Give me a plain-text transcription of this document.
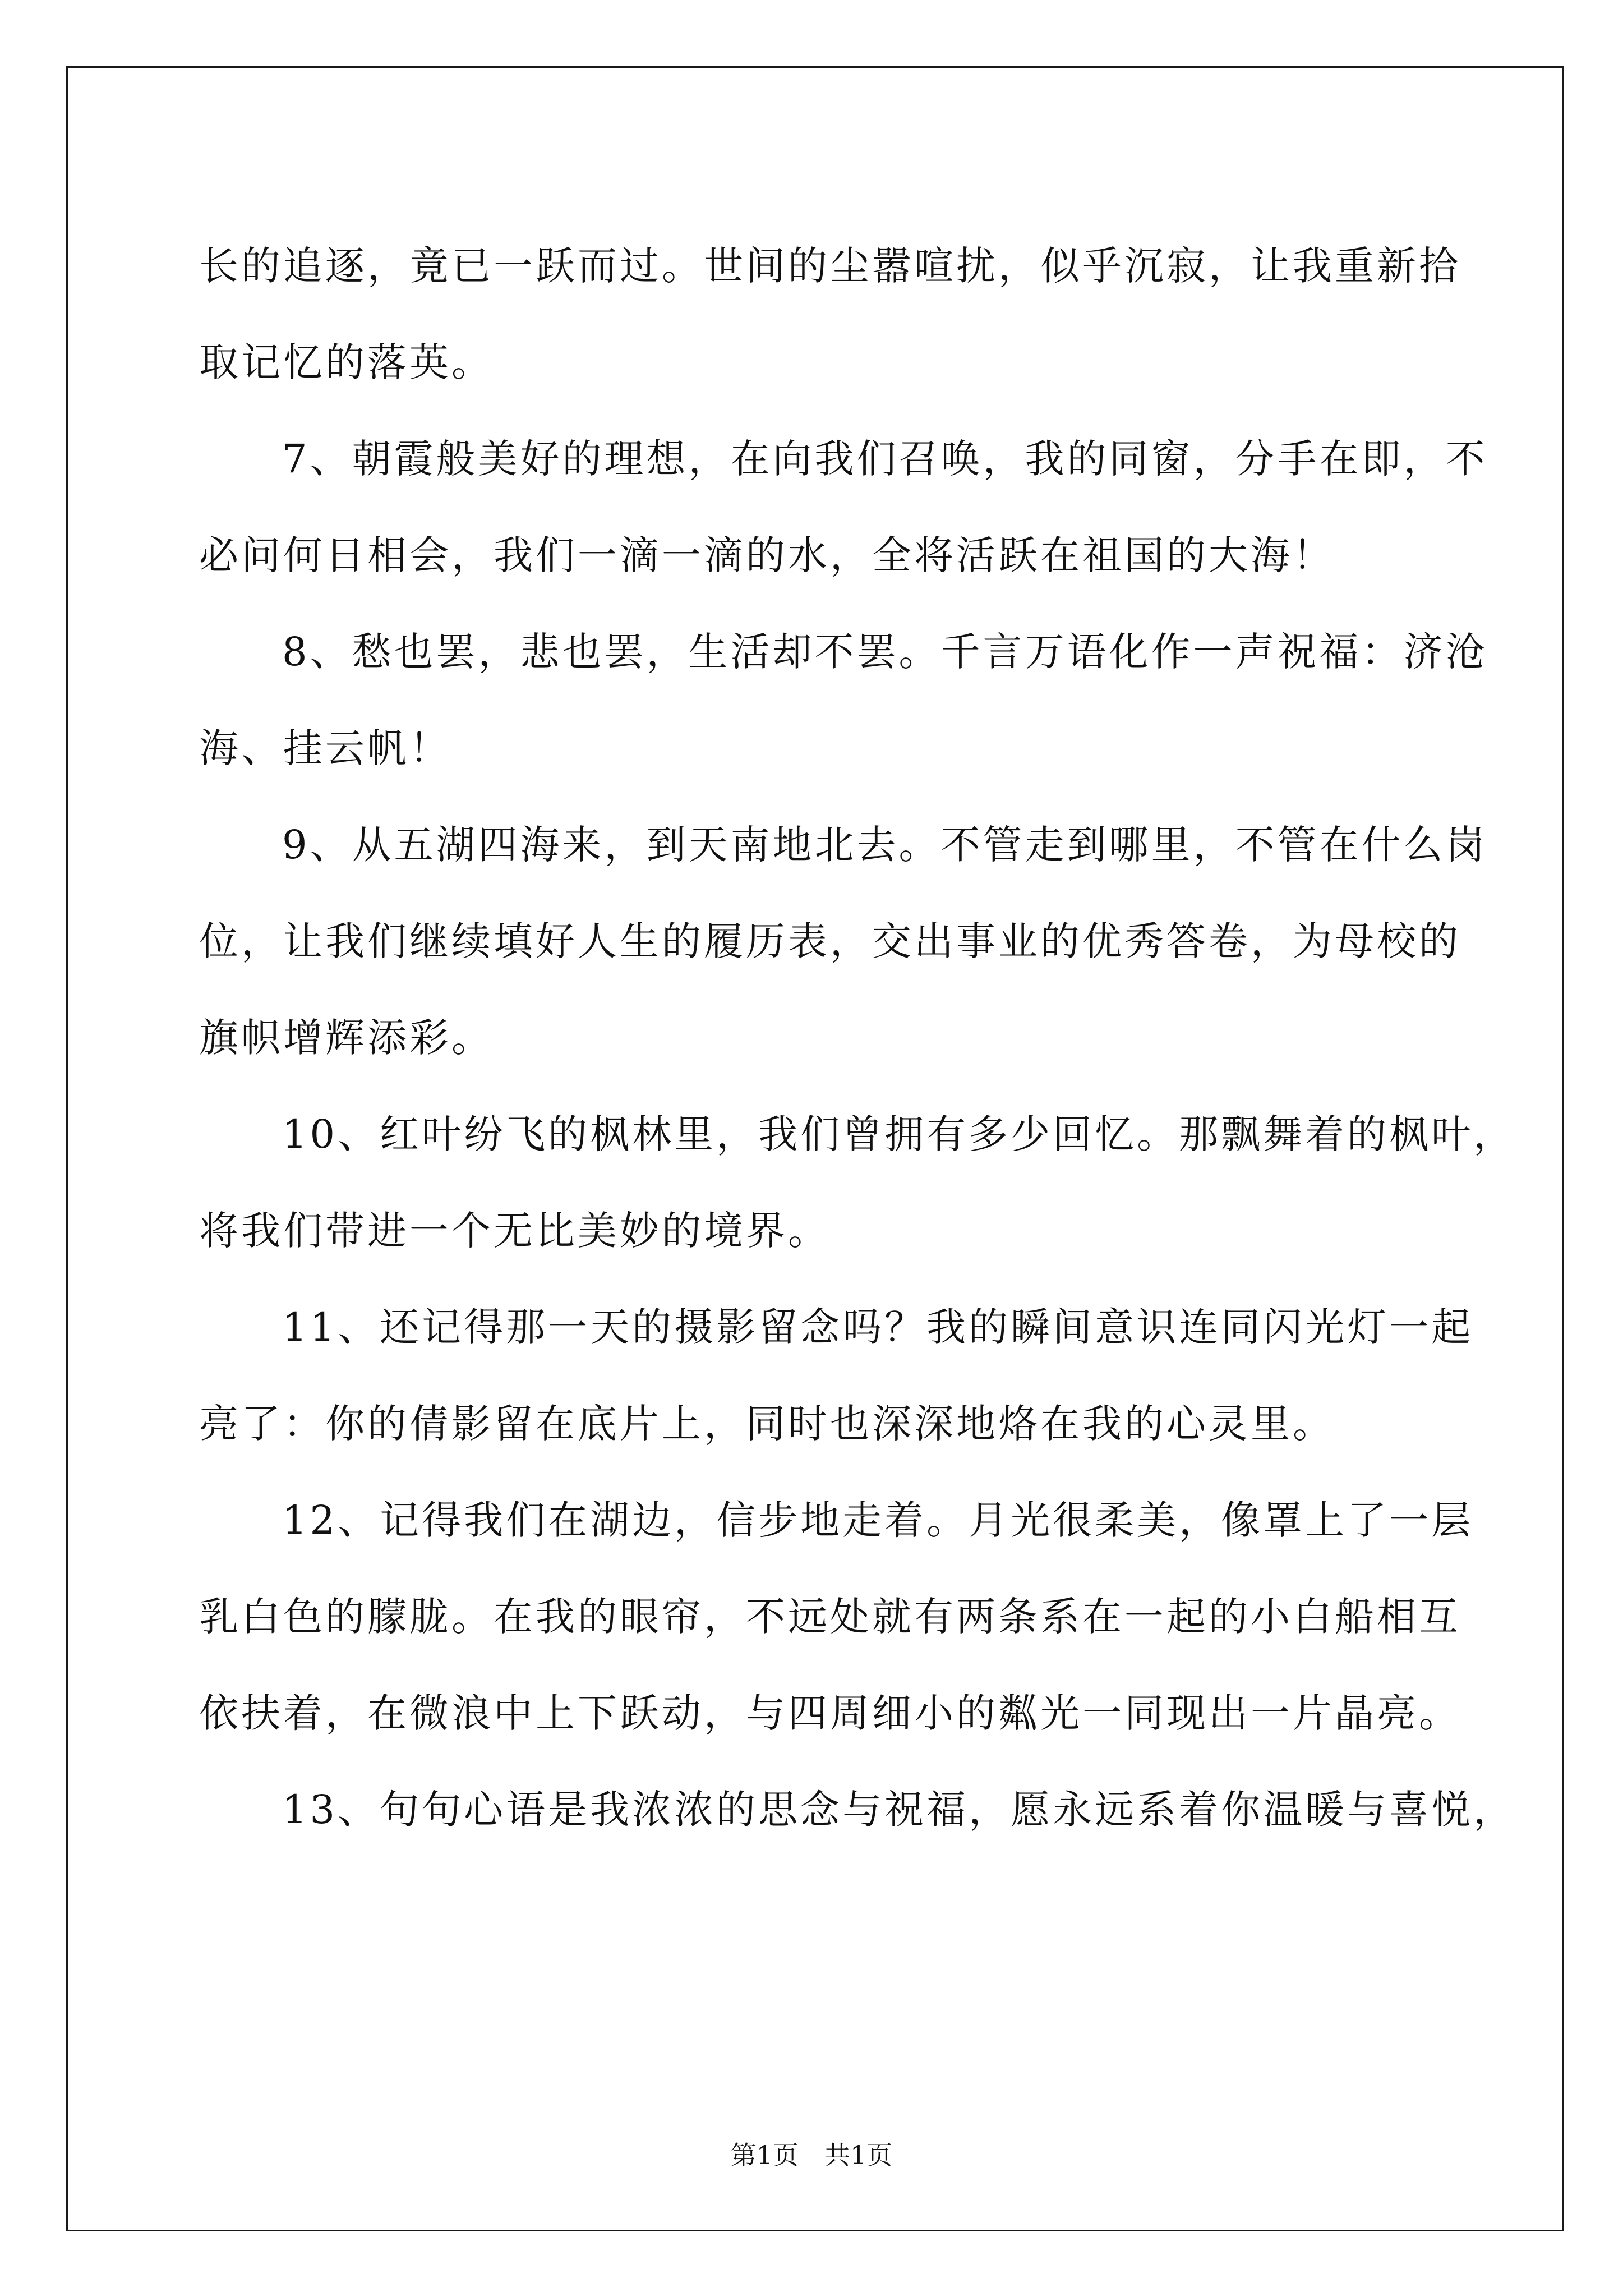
长的追逐，竟已一跃而过。世间的尘嚣喧扰，似乎沉寂，让我重新拾

取记忆的落英。

7、朝霞般美好的理想，在向我们召唤，我的同窗，分手在即，不

必问何日相会，我们一滴一滴的水，全将活跃在祖国的大海！

8、愁也罢，悲也罢，生活却不罢。千言万语化作一声祝福：济沧

海、挂云帆！

9、从五湖四海来，到天南地北去。不管走到哪里，不管在什么岗

位，让我们继续填好人生的履历表，交出事业的优秀答卷，为母校的

旗帜增辉添彩。

10、红叶纷飞的枫林里，我们曾拥有多少回忆。那飘舞着的枫叶，

将我们带进一个无比美妙的境界。

11、还记得那一天的摄影留念吗？我的瞬间意识连同闪光灯一起

亮了：你的倩影留在底片上，同时也深深地烙在我的心灵里。

12、记得我们在湖边，信步地走着。月光很柔美，像罩上了一层

乳白色的朦胧。在我的眼帘，不远处就有两条系在一起的小白船相互

依扶着，在微浪中上下跃动，与四周细小的粼光一同现出一片晶亮。

13、句句心语是我浓浓的思念与祝福，愿永远系着你温暖与喜悦，

第1页 共1页
